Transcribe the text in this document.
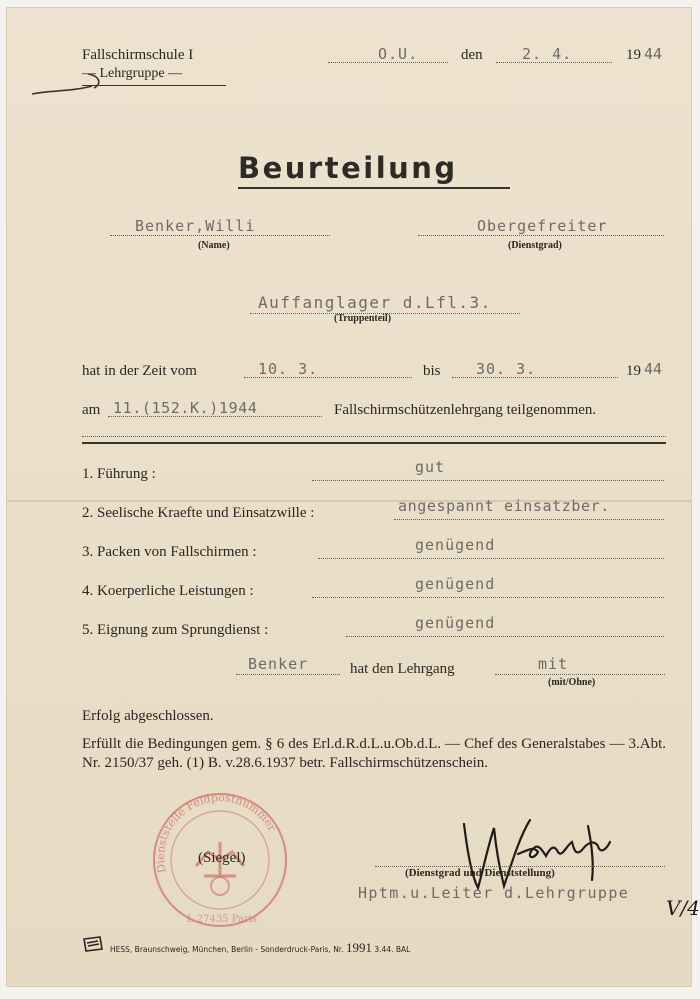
Fallschirmschule I
— Lehrgruppe —
O.U.	den	2. 4.	19 44
Beurteilung
Benker,Willi
(Name)
Obergefreiter
(Dienstgrad)
Auffanglager d.Lfl.3.
(Truppenteil)
hat in der Zeit vom	10. 3.	bis 30. 3.	19 44
am 11.(152.K.)1944	Fallschirmschützenlehrgang teilgenommen.
1. Führung :	gut
2. Seelische Kraefte und Einsatzwille :	angespannt einsatzber.
3. Packen von Fallschirmen :	genügend
4. Koerperliche Leistungen :	genügend
5. Eignung zum Sprungdienst :	genügend
Benker	hat den Lehrgang	mit
(mit/Ohne)
Erfolg abgeschlossen.
Erfüllt die Bedingungen gem. § 6 des Erl.d.R.d.L.u.Ob.d.L. — Chef des Generalstabes — 3.Abt. Nr. 2150/37 geh. (1) B. v.28.6.1937 betr. Fallschirmschützenschein.
Dienststelle Feldpostnummer
L 27435 Paris
(Siegel)
(Dienstgrad und Dienststellung)
Hptm.u.Leiter d.Lehrgruppe
V/4
HESS, Braunschweig, München, Berlin - Sonderdruck-Paris, Nr. 1991 3.44. BAL
